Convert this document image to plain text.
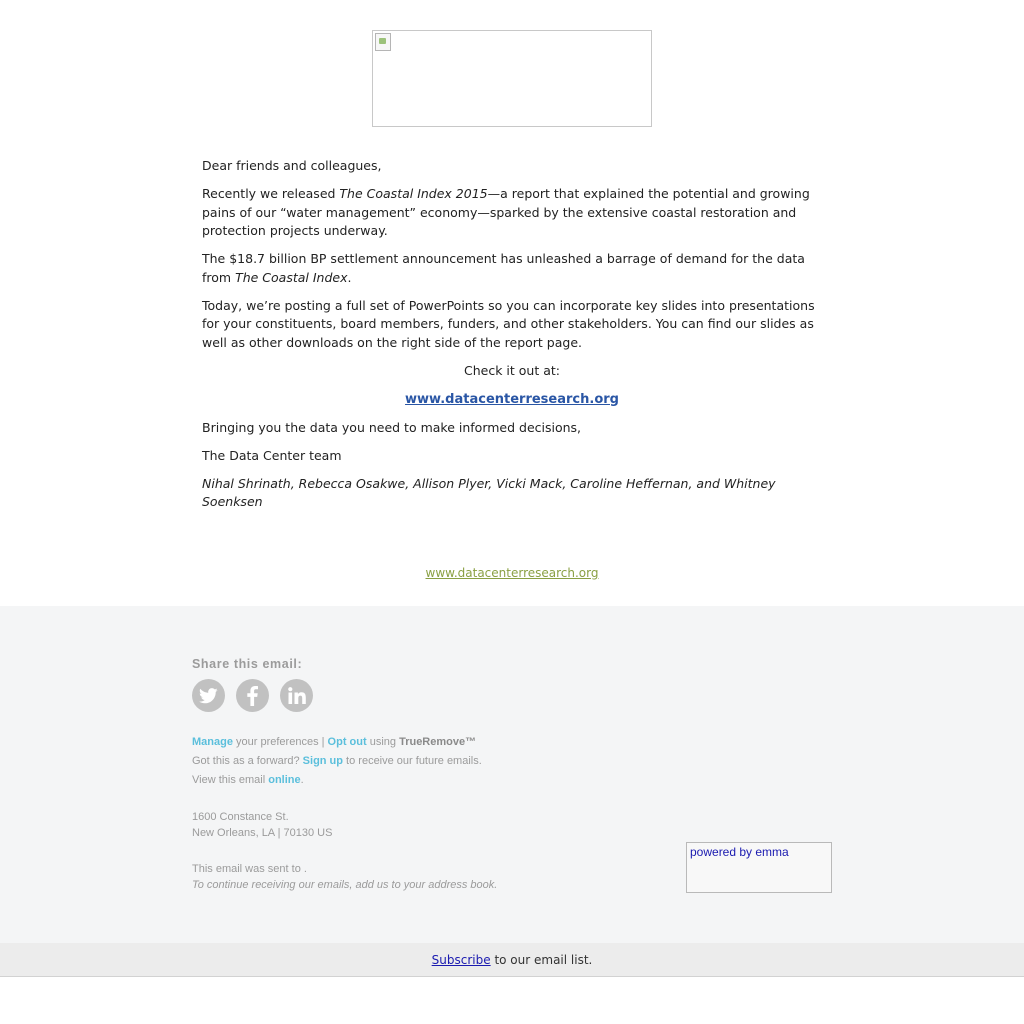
Dear friends and colleagues,

Recently we released The Coastal Index 2015—a report that explained the potential and growing pains of our “water management” economy—sparked by the extensive coastal restoration and protection projects underway.

The $18.7 billion BP settlement announcement has unleashed a barrage of demand for the data from The Coastal Index.

Today, we’re posting a full set of PowerPoints so you can incorporate key slides into presentations for your constituents, board members, funders, and other stakeholders. You can find our slides as well as other downloads on the right side of the report page.

Check it out at:

www.datacenterresearch.org

Bringing you the data you need to make informed decisions,

The Data Center team

Nihal Shrinath, Rebecca Osakwe, Allison Plyer, Vicki Mack, Caroline Heffernan, and Whitney Soenksen

www.datacenterresearch.org
Share this email:
Manage your preferences | Opt out using TrueRemove™
Got this as a forward? Sign up to receive our future emails.
View this email online.
1600 Constance St.
New Orleans, LA | 70130 US
This email was sent to .
To continue receiving our emails, add us to your address book.
powered by emma
Subscribe to our email list.
